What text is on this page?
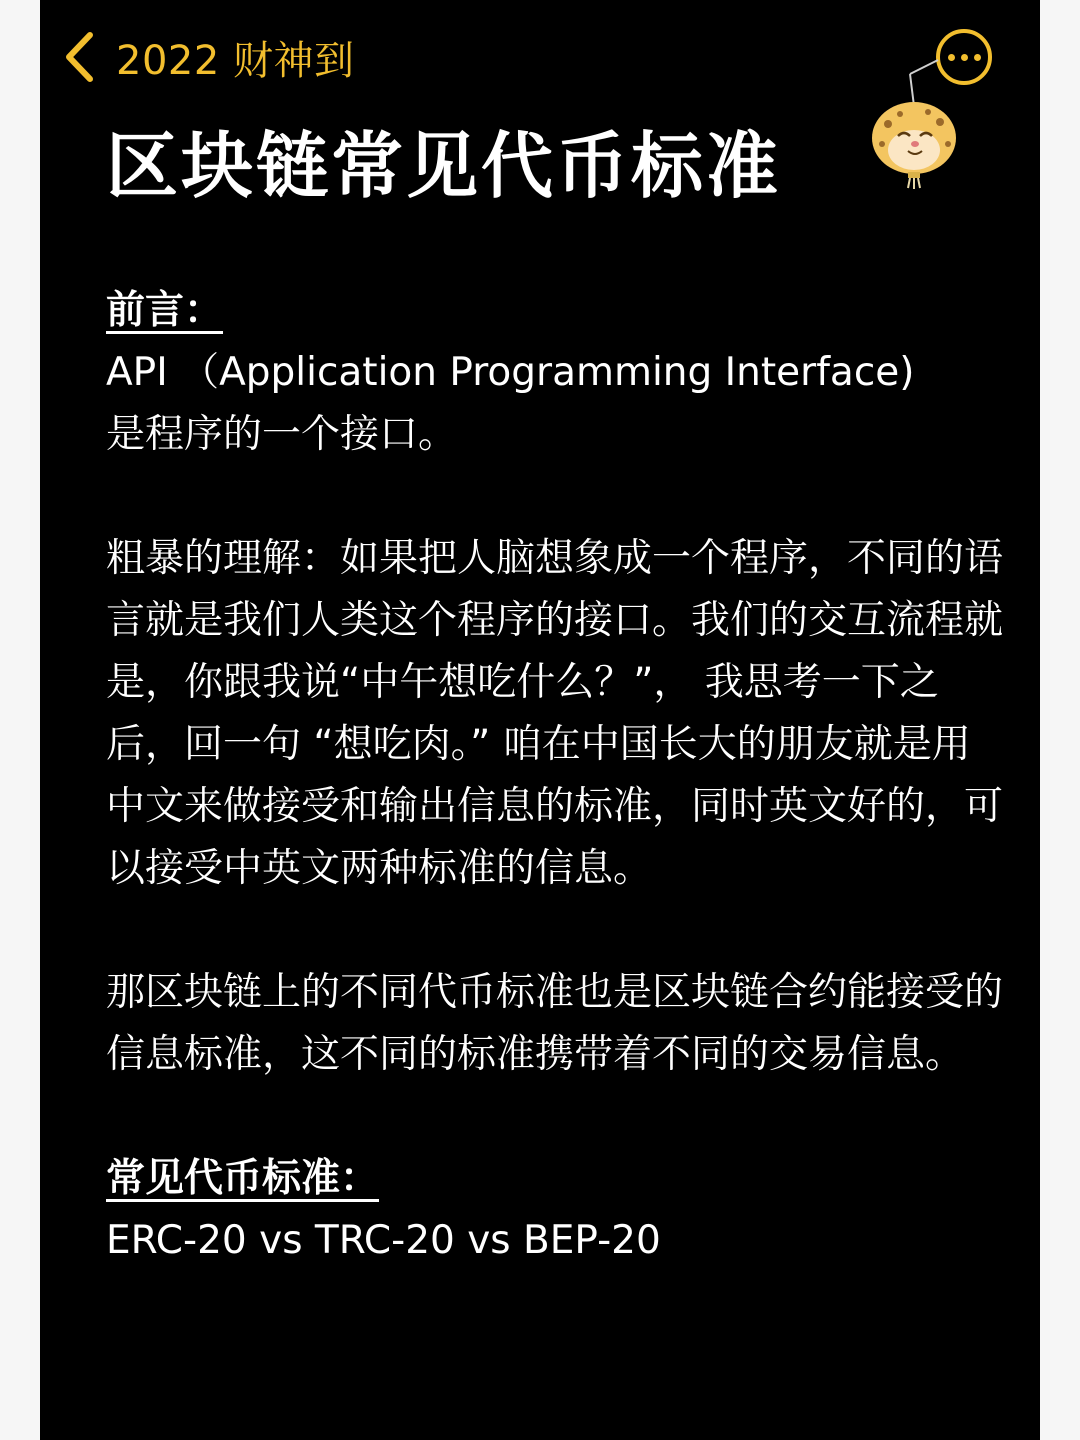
2022 财神到
区块链常见代币标准

前言：

API （Application Programming Interface)

是程序的一个接口。

粗暴的理解：如果把人脑想象成一个程序，不同的语言就是我们人类这个程序的接口。我们的交互流程就是，你跟我说“中午想吃什么？”， 我思考一下之后，回一句 “想吃肉。” 咱在中国长大的朋友就是用中文来做接受和输出信息的标准，同时英文好的，可以接受中英文两种标准的信息。

那区块链上的不同代币标准也是区块链合约能接受的信息标准，这不同的标准携带着不同的交易信息。

常见代币标准：

ERC-20 vs TRC-20 vs BEP-20
